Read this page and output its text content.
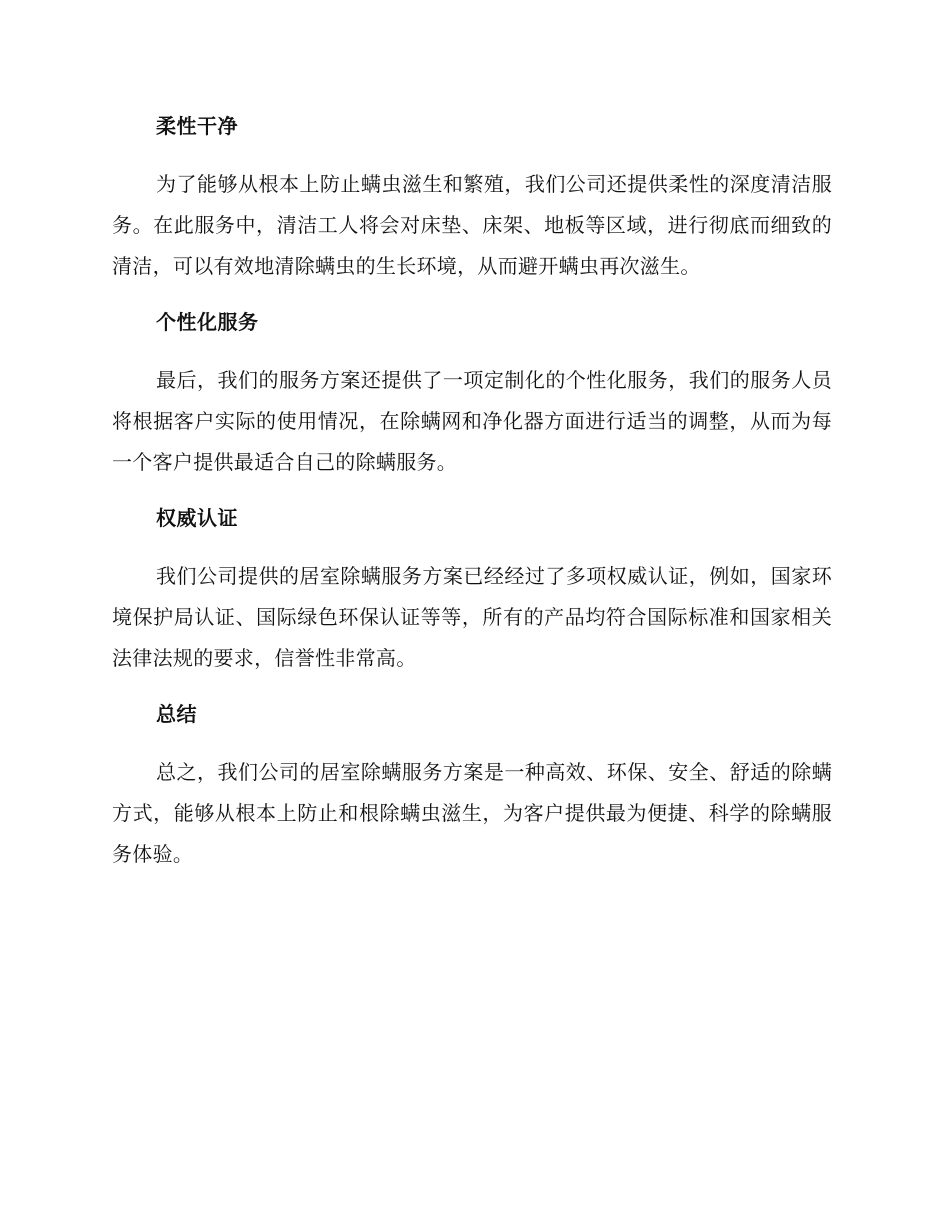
柔性干净

为了能够从根本上防止螨虫滋生和繁殖，我们公司还提供柔性的深度清洁服务。在此服务中，清洁工人将会对床垫、床架、地板等区域，进行彻底而细致的清洁，可以有效地清除螨虫的生长环境，从而避开螨虫再次滋生。

个性化服务

最后，我们的服务方案还提供了一项定制化的个性化服务，我们的服务人员将根据客户实际的使用情况，在除螨网和净化器方面进行适当的调整，从而为每一个客户提供最适合自己的除螨服务。

权威认证

我们公司提供的居室除螨服务方案已经经过了多项权威认证，例如，国家环境保护局认证、国际绿色环保认证等等，所有的产品均符合国际标准和国家相关法律法规的要求，信誉性非常高。

总结

总之，我们公司的居室除螨服务方案是一种高效、环保、安全、舒适的除螨方式，能够从根本上防止和根除螨虫滋生，为客户提供最为便捷、科学的除螨服务体验。
